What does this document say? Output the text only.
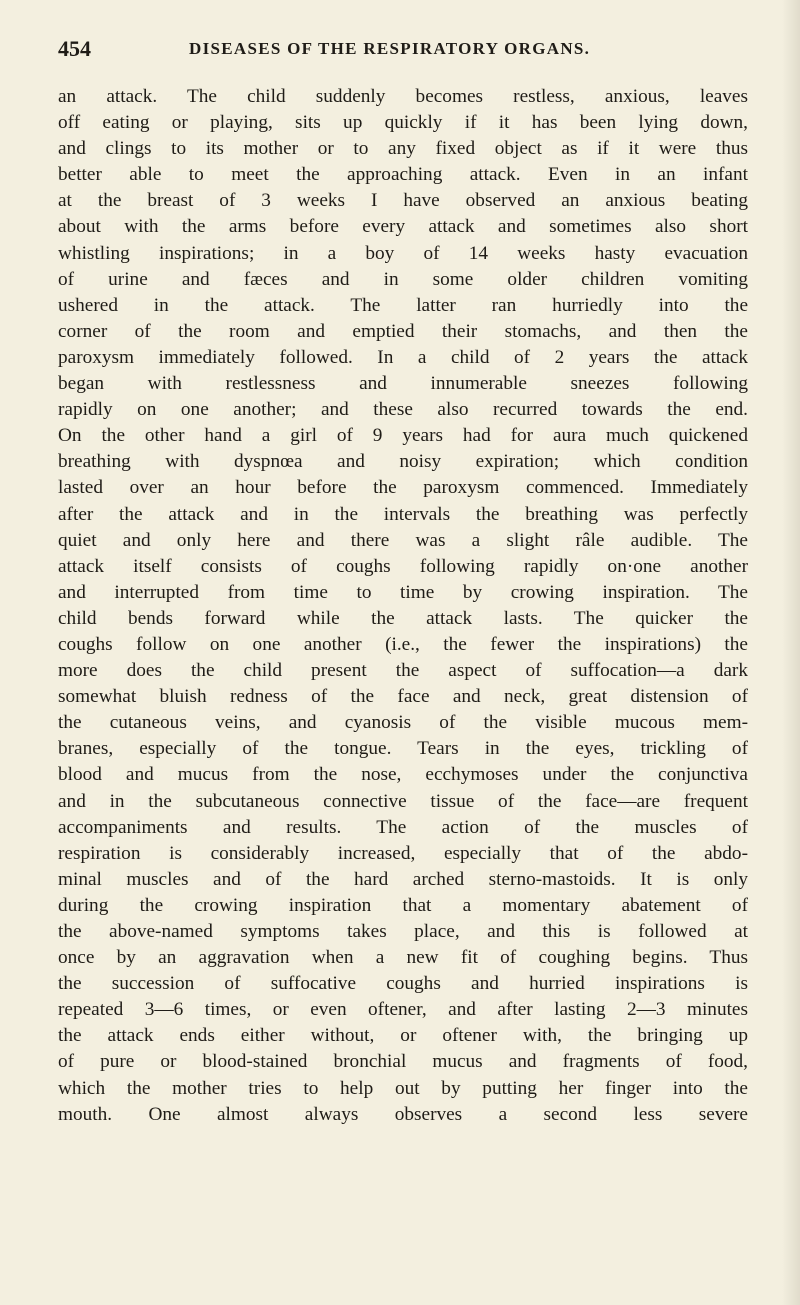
454	DISEASES OF THE RESPIRATORY ORGANS.
an attack. The child suddenly becomes restless, anxious, leaves
off eating or playing, sits up quickly if it has been lying down,
and clings to its mother or to any fixed object as if it were thus
better able to meet the approaching attack. Even in an infant
at the breast of 3 weeks I have observed an anxious beating
about with the arms before every attack and sometimes also short
whistling inspirations; in a boy of 14 weeks hasty evacuation
of urine and fæces and in some older children vomiting
ushered in the attack. The latter ran hurriedly into the
corner of the room and emptied their stomachs, and then the
paroxysm immediately followed. In a child of 2 years the attack
began with restlessness and innumerable sneezes following
rapidly on one another; and these also recurred towards the end.
On the other hand a girl of 9 years had for aura much quickened
breathing with dyspnœa and noisy expiration; which condition
lasted over an hour before the paroxysm commenced. Immediately
after the attack and in the intervals the breathing was perfectly
quiet and only here and there was a slight râle audible. The
attack itself consists of coughs following rapidly on·one another
and interrupted from time to time by crowing inspiration. The
child bends forward while the attack lasts. The quicker the
coughs follow on one another (i.e., the fewer the inspirations) the
more does the child present the aspect of suffocation—a dark
somewhat bluish redness of the face and neck, great distension of
the cutaneous veins, and cyanosis of the visible mucous mem-
branes, especially of the tongue. Tears in the eyes, trickling of
blood and mucus from the nose, ecchymoses under the conjunctiva
and in the subcutaneous connective tissue of the face—are frequent
accompaniments and results. The action of the muscles of
respiration is considerably increased, especially that of the abdo-
minal muscles and of the hard arched sterno-mastoids. It is only
during the crowing inspiration that a momentary abatement of
the above-named symptoms takes place, and this is followed at
once by an aggravation when a new fit of coughing begins. Thus
the succession of suffocative coughs and hurried inspirations is
repeated 3—6 times, or even oftener, and after lasting 2—3 minutes
the attack ends either without, or oftener with, the bringing up
of pure or blood-stained bronchial mucus and fragments of food,
which the mother tries to help out by putting her finger into the
mouth. One almost always observes a second less severe
